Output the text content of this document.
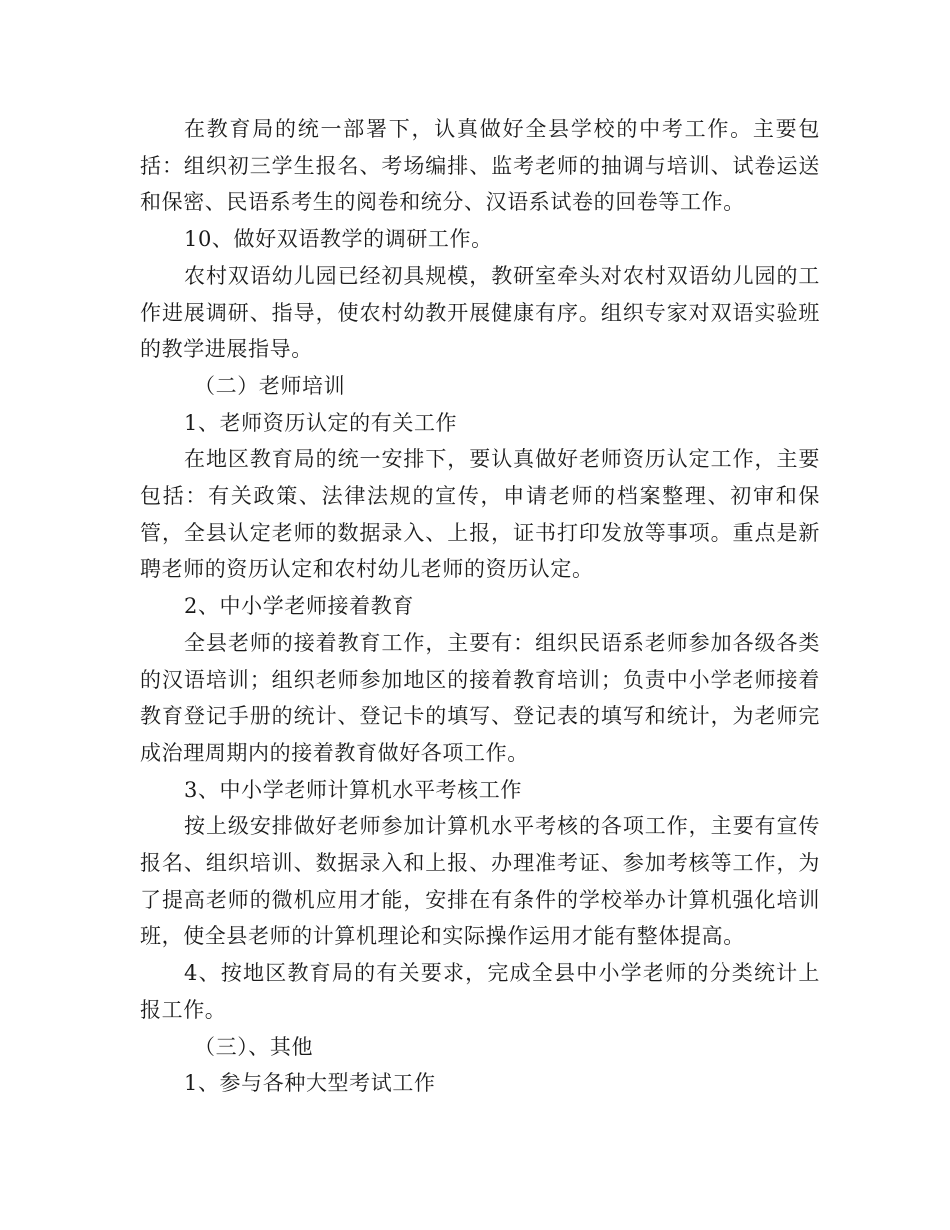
在教育局的统一部署下，认真做好全县学校的中考工作。主要包括：组织初三学生报名、考场编排、监考老师的抽调与培训、试卷运送和保密、民语系考生的阅卷和统分、汉语系试卷的回卷等工作。

10、做好双语教学的调研工作。

农村双语幼儿园已经初具规模，教研室牵头对农村双语幼儿园的工作进展调研、指导，使农村幼教开展健康有序。组织专家对双语实验班的教学进展指导。

（二）老师培训

1、老师资历认定的有关工作

在地区教育局的统一安排下，要认真做好老师资历认定工作，主要包括：有关政策、法律法规的宣传，申请老师的档案整理、初审和保管，全县认定老师的数据录入、上报，证书打印发放等事项。重点是新聘老师的资历认定和农村幼儿老师的资历认定。

2、中小学老师接着教育

全县老师的接着教育工作，主要有：组织民语系老师参加各级各类的汉语培训；组织老师参加地区的接着教育培训；负责中小学老师接着教育登记手册的统计、登记卡的填写、登记表的填写和统计，为老师完成治理周期内的接着教育做好各项工作。

3、中小学老师计算机水平考核工作

按上级安排做好老师参加计算机水平考核的各项工作，主要有宣传报名、组织培训、数据录入和上报、办理准考证、参加考核等工作，为了提高老师的微机应用才能，安排在有条件的学校举办计算机强化培训班，使全县老师的计算机理论和实际操作运用才能有整体提高。

4、按地区教育局的有关要求，完成全县中小学老师的分类统计上报工作。

（三）、其他

1、参与各种大型考试工作
